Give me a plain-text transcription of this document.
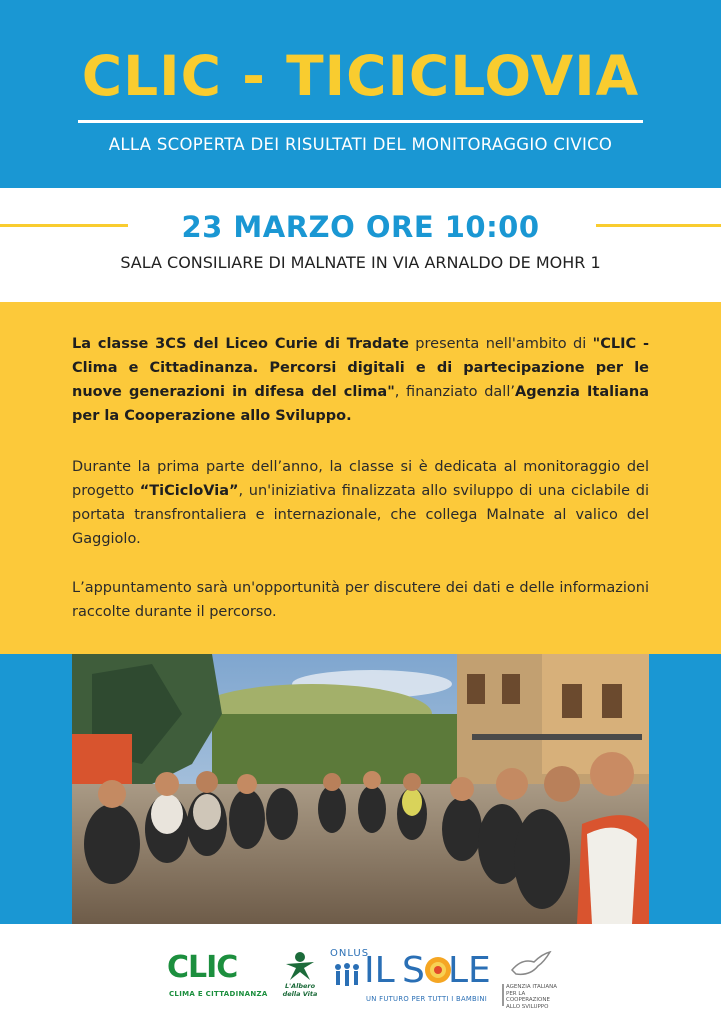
CLIC - TICICLOVIA
ALLA SCOPERTA DEI RISULTATI DEL MONITORAGGIO CIVICO
23 MARZO ORE 10:00
SALA CONSILIARE DI MALNATE IN VIA ARNALDO DE MOHR 1

La classe 3CS del Liceo Curie di Tradate presenta nell'ambito di "CLIC - Clima e Cittadinanza. Percorsi digitali e di partecipazione per le nuove generazioni in difesa del clima", finanziato dall’Agenzia Italiana per la Cooperazione allo Sviluppo.

Durante la prima parte dell’anno, la classe si è dedicata al monitoraggio del progetto “TiCicloVia”, un'iniziativa finalizzata allo sviluppo di una ciclabile di portata transfrontaliera e internazionale, che collega Malnate al valico del Gaggiolo.

L’appuntamento sarà un'opportunità per discutere dei dati e delle informazioni raccolte durante il percorso.

CLIC
CLIMA E CITTADINANZA
L'Albero della Vita
ONLUS
IL S LE
UN FUTURO PER TUTTI I BAMBINI
AGENZIA ITALIANA PER LA COOPERAZIONE ALLO SVILUPPO
